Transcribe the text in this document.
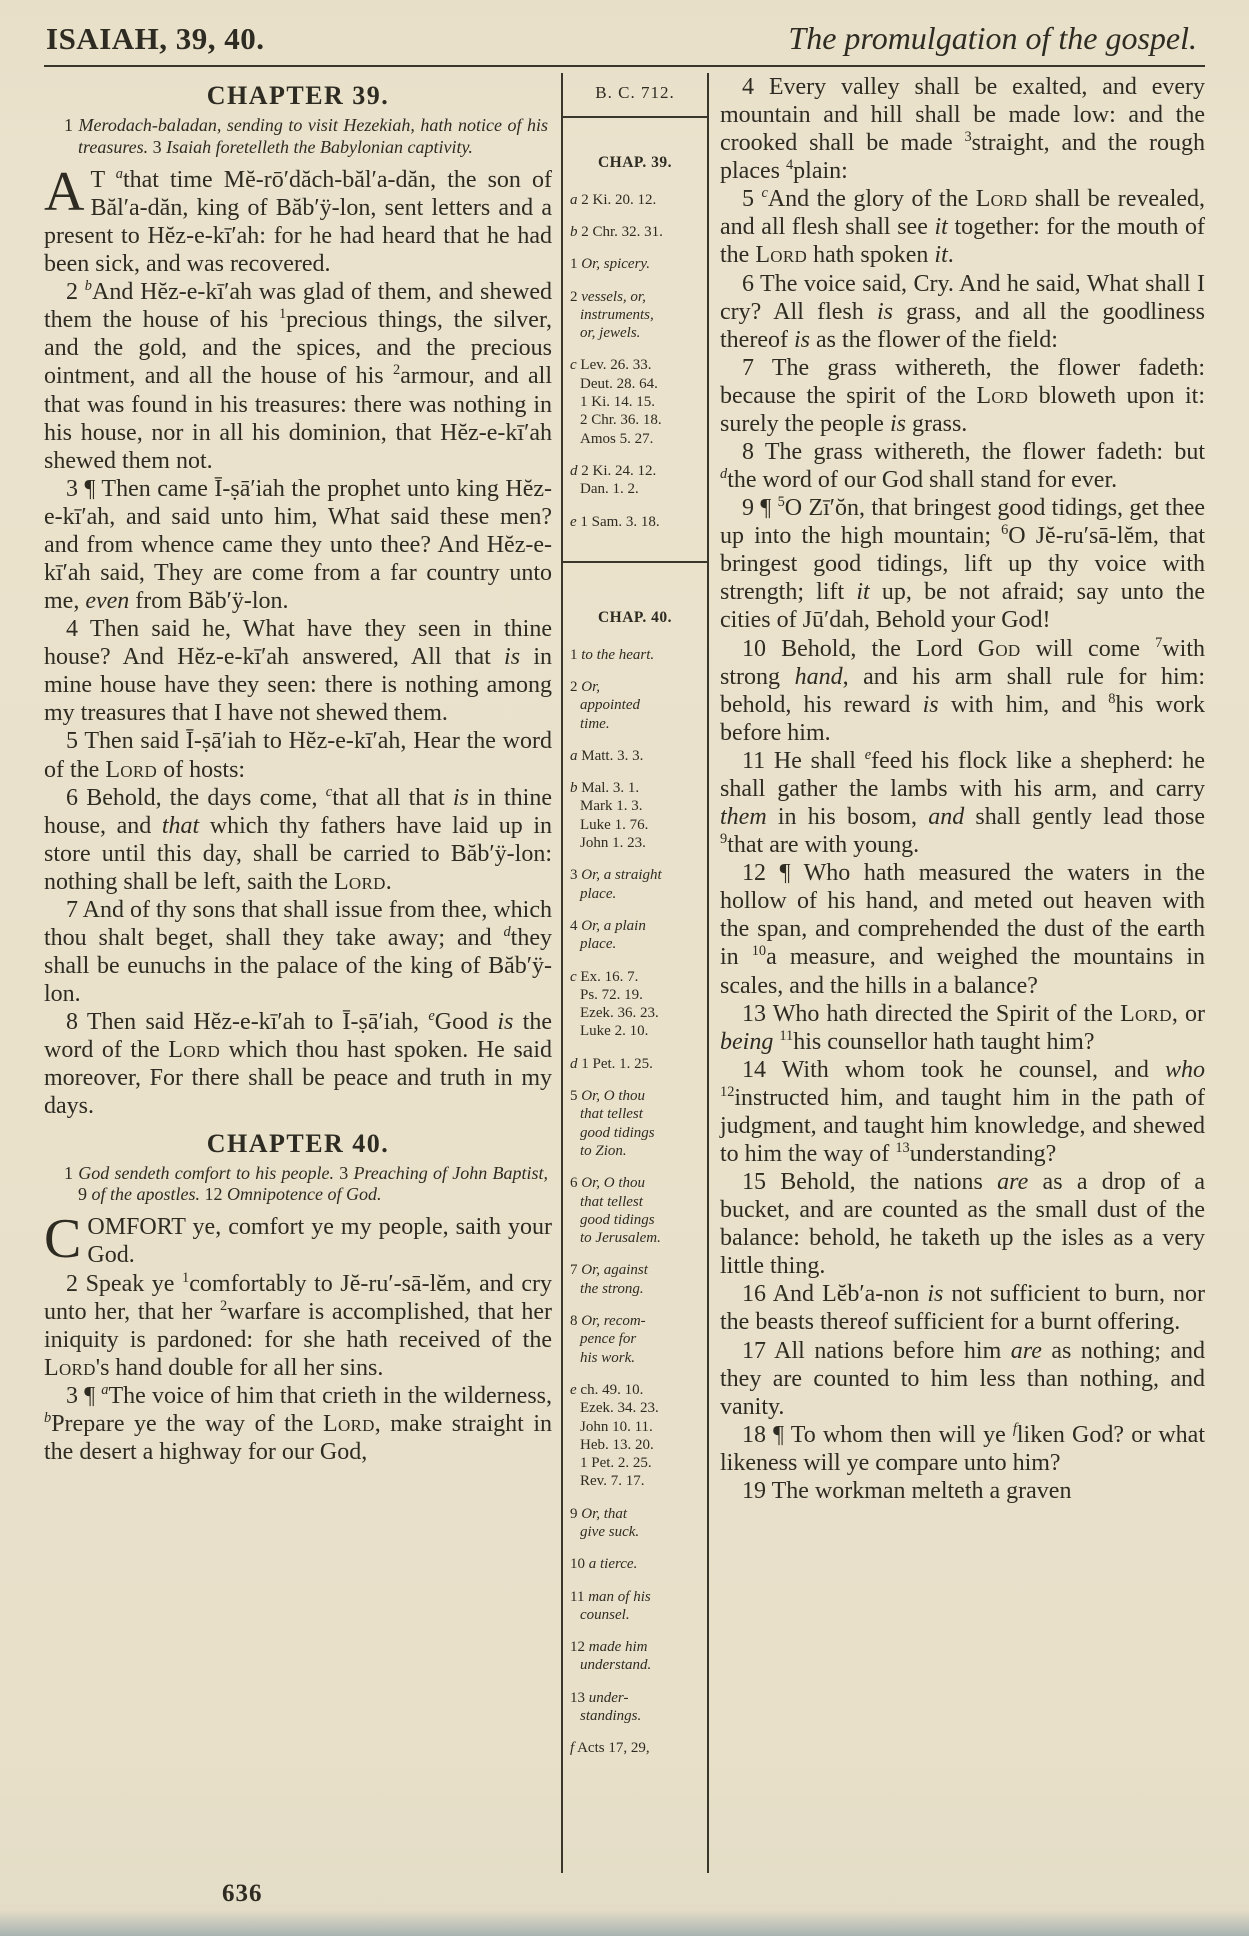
ISAIAH, 39, 40.	The promulgation of the gospel.

CHAPTER 39.

1 Merodach-baladan, sending to visit Hezekiah, hath notice of his treasures. 3 Isaiah foretelleth the Babylonian captivity.

A T $^a$that time Mĕ-rō′dăch-băl′a-dăn, the son of Băl′a-dăn, king of Băb′ÿ-lon, sent letters and a present to Hĕz-e-kī′ah: for he had heard that he had been sick, and was recovered.

2 $^b$And Hĕz-e-kī′ah was glad of them, and shewed them the house of his $^1$precious things, the silver, and the gold, and the spices, and the precious ointment, and all the house of his $^2$armour, and all that was found in his treasures: there was nothing in his house, nor in all his dominion, that Hĕz-e-kī′ah shewed them not.

3 ¶ Then came Ī-ṣā′iah the prophet unto king Hĕz-e-kī′ah, and said unto him, What said these men? and from whence came they unto thee? And Hĕz-e-kī′ah said, They are come from a far country unto me, even from Băb′ÿ-lon.

4 Then said he, What have they seen in thine house? And Hĕz-e-kī′ah answered, All that is in mine house have they seen: there is nothing among my treasures that I have not shewed them.

5 Then said Ī-ṣā′iah to Hĕz-e-kī′ah, Hear the word of the Lord of hosts:

6 Behold, the days come, $^c$that all that is in thine house, and that which thy fathers have laid up in store until this day, shall be carried to Băb′ÿ-lon: nothing shall be left, saith the Lord.

7 And of thy sons that shall issue from thee, which thou shalt beget, shall they take away; and $^d$they shall be eunuchs in the palace of the king of Băb′ÿ-lon.

8 Then said Hĕz-e-kī′ah to Ī-ṣā′iah, $^e$Good is the word of the Lord which thou hast spoken. He said moreover, For there shall be peace and truth in my days.

CHAPTER 40.

1 God sendeth comfort to his people. 3 Preaching of John Baptist, 9 of the apostles. 12 Omnipotence of God.

COMFORT ye, comfort ye my people, saith your God.

2 Speak ye $^1$comfortably to Jĕ-ru′-sā-lĕm, and cry unto her, that her $^2$warfare is accomplished, that her iniquity is pardoned: for she hath received of the Lord's hand double for all her sins.

3 ¶ $^a$The voice of him that crieth in the wilderness, $^b$Prepare ye the way of the Lord, make straight in the desert a highway for our God,

B. C. 712.

CHAP. 39.

a 2 Ki. 20. 12.

b 2 Chr. 32. 31.

1 Or, spicery.

2 vessels, or,
instruments,
or, jewels.

c Lev. 26. 33.
Deut. 28. 64.
1 Ki. 14. 15.
2 Chr. 36. 18.
Amos 5. 27.

d 2 Ki. 24. 12.
Dan. 1. 2.

e 1 Sam. 3. 18.

CHAP. 40.

1 to the heart.

2 Or,
appointed
time.

a Matt. 3. 3.

b Mal. 3. 1.
Mark 1. 3.
Luke 1. 76.
John 1. 23.

3 Or, a straight
place.

4 Or, a plain
place.

c Ex. 16. 7.
Ps. 72. 19.
Ezek. 36. 23.
Luke 2. 10.

d 1 Pet. 1. 25.

5 Or, O thou
that tellest
good tidings
to Zion.

6 Or, O thou
that tellest
good tidings
to Jerusalem.

7 Or, against
the strong.

8 Or, recom-
pence for
his work.

e ch. 49. 10.
Ezek. 34. 23.
John 10. 11.
Heb. 13. 20.
1 Pet. 2. 25.
Rev. 7. 17.

9 Or, that
give suck.

10 a tierce.

11 man of his
counsel.

12 made him
understand.

13 under-
standings.

f Acts 17, 29,

4 Every valley shall be exalted, and every mountain and hill shall be made low: and the crooked shall be made $^3$straight, and the rough places $^4$plain:

5 $^c$And the glory of the Lord shall be revealed, and all flesh shall see it together: for the mouth of the Lord hath spoken it.

6 The voice said, Cry. And he said, What shall I cry? All flesh is grass, and all the goodliness thereof is as the flower of the field:

7 The grass withereth, the flower fadeth: because the spirit of the Lord bloweth upon it: surely the people is grass.

8 The grass withereth, the flower fadeth: but $^d$the word of our God shall stand for ever.

9 ¶ $^5$O Zī′ŏn, that bringest good tidings, get thee up into the high mountain; $^6$O Jĕ-ru′sā-lĕm, that bringest good tidings, lift up thy voice with strength; lift it up, be not afraid; say unto the cities of Jū′dah, Behold your God!

10 Behold, the Lord God will come $^7$with strong hand, and his arm shall rule for him: behold, his reward is with him, and $^8$his work before him.

11 He shall $^e$feed his flock like a shepherd: he shall gather the lambs with his arm, and carry them in his bosom, and shall gently lead those $^9$that are with young.

12 ¶ Who hath measured the waters in the hollow of his hand, and meted out heaven with the span, and comprehended the dust of the earth in $^{10}$a measure, and weighed the mountains in scales, and the hills in a balance?

13 Who hath directed the Spirit of the Lord, or being $^{11}$his counsellor hath taught him?

14 With whom took he counsel, and who $^{12}$instructed him, and taught him in the path of judgment, and taught him knowledge, and shewed to him the way of $^{13}$understanding?

15 Behold, the nations are as a drop of a bucket, and are counted as the small dust of the balance: behold, he taketh up the isles as a very little thing.

16 And Lĕb′a-non is not sufficient to burn, nor the beasts thereof sufficient for a burnt offering.

17 All nations before him are as nothing; and they are counted to him less than nothing, and vanity.

18 ¶ To whom then will ye $^f$liken God? or what likeness will ye compare unto him?

19 The workman melteth a graven

636
